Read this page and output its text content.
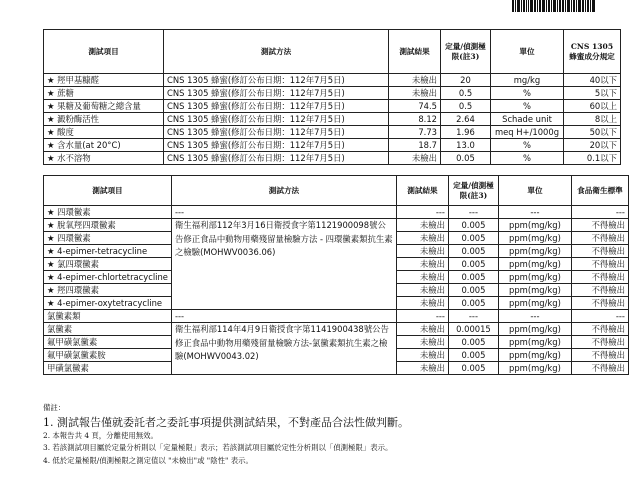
測試項目	測試方法	測試結果	定量/偵測極限(註3)	單位	CNS 1305 蜂蜜成分規定
★ 羥甲基糠醛	CNS 1305 蜂蜜(修訂公布日期：112年7月5日)	未檢出	20	mg/kg	40以下
★ 蔗糖	CNS 1305 蜂蜜(修訂公布日期：112年7月5日)	未檢出	0.5	%	5以下
★ 果糖及葡萄糖之總含量	CNS 1305 蜂蜜(修訂公布日期：112年7月5日)	74.5	0.5	%	60以上
★ 澱粉酶活性	CNS 1305 蜂蜜(修訂公布日期：112年7月5日)	8.12	2.64	Schade unit	8以上
★ 酸度	CNS 1305 蜂蜜(修訂公布日期：112年7月5日)	7.73	1.96	meq H+/1000g	50以下
★ 含水量(at 20°C)	CNS 1305 蜂蜜(修訂公布日期：112年7月5日)	18.7	13.0	%	20以下
★ 水不溶物	CNS 1305 蜂蜜(修訂公布日期：112年7月5日)	未檢出	0.05	%	0.1以下
測試項目	測試方法	測試結果	定量/偵測極限(註3)	單位	食品衛生標準
★ 四環黴素	---	---	---	---	---
★ 脫氧羥四環黴素	衛生福利部112年3月16日衛授食字第1121900098號公告修正食品中動物用藥殘留量檢驗方法 - 四環黴素類抗生素之檢驗(MOHWV0036.06)	未檢出	0.005	ppm(mg/kg)	不得檢出
★ 四環黴素		未檢出	0.005	ppm(mg/kg)	不得檢出
★ 4-epimer-tetracycline		未檢出	0.005	ppm(mg/kg)	不得檢出
★ 氯四環黴素		未檢出	0.005	ppm(mg/kg)	不得檢出
★ 4-epimer-chlortetracycline		未檢出	0.005	ppm(mg/kg)	不得檢出
★ 羥四環黴素		未檢出	0.005	ppm(mg/kg)	不得檢出
★ 4-epimer-oxytetracycline		未檢出	0.005	ppm(mg/kg)	不得檢出
氯黴素類	---	---	---	---	---
氯黴素	衛生福利部114年4月9日衛授食字第1141900438號公告修正食品中動物用藥殘留量檢驗方法-氯黴素類抗生素之檢驗(MOHWV0043.02)	未檢出	0.00015	ppm(mg/kg)	不得檢出
氟甲磺氯黴素		未檢出	0.005	ppm(mg/kg)	不得檢出
氟甲磺氯黴素胺		未檢出	0.005	ppm(mg/kg)	不得檢出
甲磺氯黴素		未檢出	0.005	ppm(mg/kg)	不得檢出
備註：
1. 測試報告僅就委託者之委託事項提供測試結果，不對產品合法性做判斷。
2. 本報告共 4 頁，分離使用無效。
3. 若該測試項目屬於定量分析則以「定量極限」表示；若該測試項目屬於定性分析則以「偵測極限」表示。
4. 低於定量極限/偵測極限之測定值以 "未檢出"或 "陰性" 表示。
